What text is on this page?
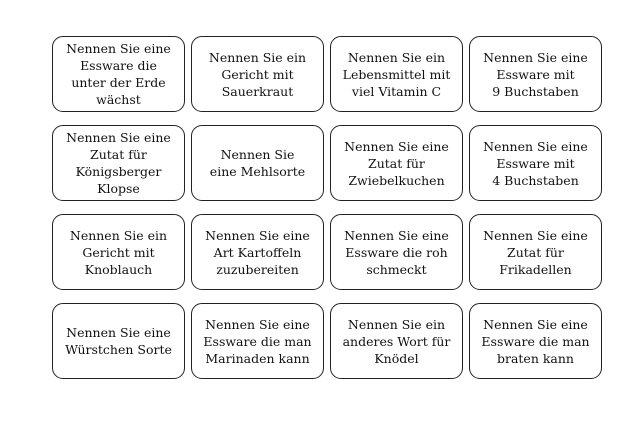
Nennen Sie eine
Essware die
unter der Erde
wächst
Nennen Sie ein
Gericht mit
Sauerkraut
Nennen Sie ein
Lebensmittel mit
viel Vitamin C
Nennen Sie eine
Essware mit
9 Buchstaben
Nennen Sie eine
Zutat für
Königsberger
Klopse
Nennen Sie
eine Mehlsorte
Nennen Sie eine
Zutat für
Zwiebelkuchen
Nennen Sie eine
Essware mit
4 Buchstaben
Nennen Sie ein
Gericht mit
Knoblauch
Nennen Sie eine
Art Kartoffeln
zuzubereiten
Nennen Sie eine
Essware die roh
schmeckt
Nennen Sie eine
Zutat für
Frikadellen
Nennen Sie eine
Würstchen Sorte
Nennen Sie eine
Essware die man
Marinaden kann
Nennen Sie ein
anderes Wort für
Knödel
Nennen Sie eine
Essware die man
braten kann
